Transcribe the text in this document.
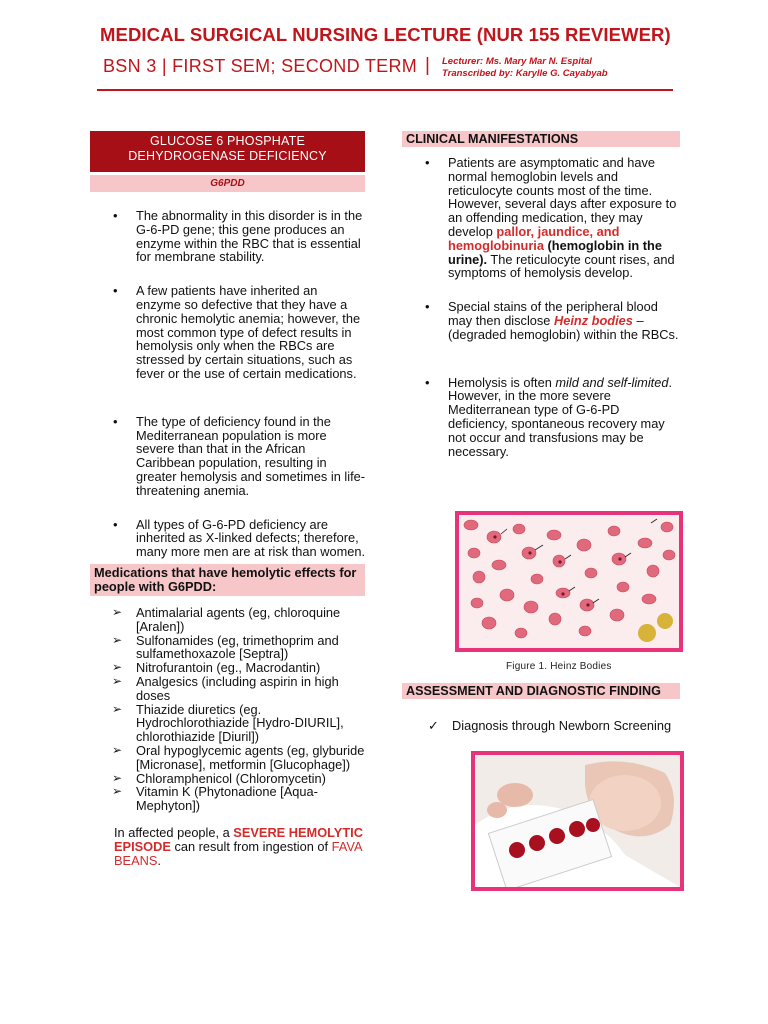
MEDICAL SURGICAL NURSING LECTURE (NUR 155 REVIEWER)
BSN 3 | FIRST SEM; SECOND TERM | Lecturer: Ms. Mary Mar N. Espital
Transcribed by: Karylle G. Cayabyab
GLUCOSE 6 PHOSPHATE
DEHYDROGENASE DEFICIENCY
G6PDD
• The abnormality in this disorder is in the G-6-PD gene; this gene produces an enzyme within the RBC that is essential for membrane stability.
• A few patients have inherited an enzyme so defective that they have a chronic hemolytic anemia; however, the most common type of defect results in hemolysis only when the RBCs are stressed by certain situations, such as fever or the use of certain medications.
• The type of deficiency found in the Mediterranean population is more severe than that in the African Caribbean population, resulting in greater hemolysis and sometimes in life-threatening anemia.
• All types of G-6-PD deficiency are inherited as X-linked defects; therefore, many more men are at risk than women.
Medications that have hemolytic effects for people with G6PDD:
➢ Antimalarial agents (eg, chloroquine [Aralen])
➢ Sulfonamides (eg, trimethoprim and sulfamethoxazole [Septra])
➢ Nitrofurantoin (eg., Macrodantin)
➢ Analgesics (including aspirin in high doses
➢ Thiazide diuretics (eg. Hydrochlorothiazide [Hydro-DIURIL], chlorothiazide [Diuril])
➢ Oral hypoglycemic agents (eg, glyburide [Micronase], metformin [Glucophage])
➢ Chloramphenicol (Chloromycetin)
➢ Vitamin K (Phytonadione [Aqua-Mephyton])

In affected people, a SEVERE HEMOLYTIC EPISODE can result from ingestion of FAVA BEANS.

CLINICAL MANIFESTATIONS
• Patients are asymptomatic and have normal hemoglobin levels and reticulocyte counts most of the time. However, several days after exposure to an offending medication, they may develop pallor, jaundice, and hemoglobinuria (hemoglobin in the urine). The reticulocyte count rises, and symptoms of hemolysis develop.
• Special stains of the peripheral blood may then disclose Heinz bodies – (degraded hemoglobin) within the RBCs.
• Hemolysis is often mild and self-limited. However, in the more severe Mediterranean type of G-6-PD deficiency, spontaneous recovery may not occur and transfusions may be necessary.
Figure 1. Heinz Bodies
ASSESSMENT AND DIAGNOSTIC FINDING
✓ Diagnosis through Newborn Screening
